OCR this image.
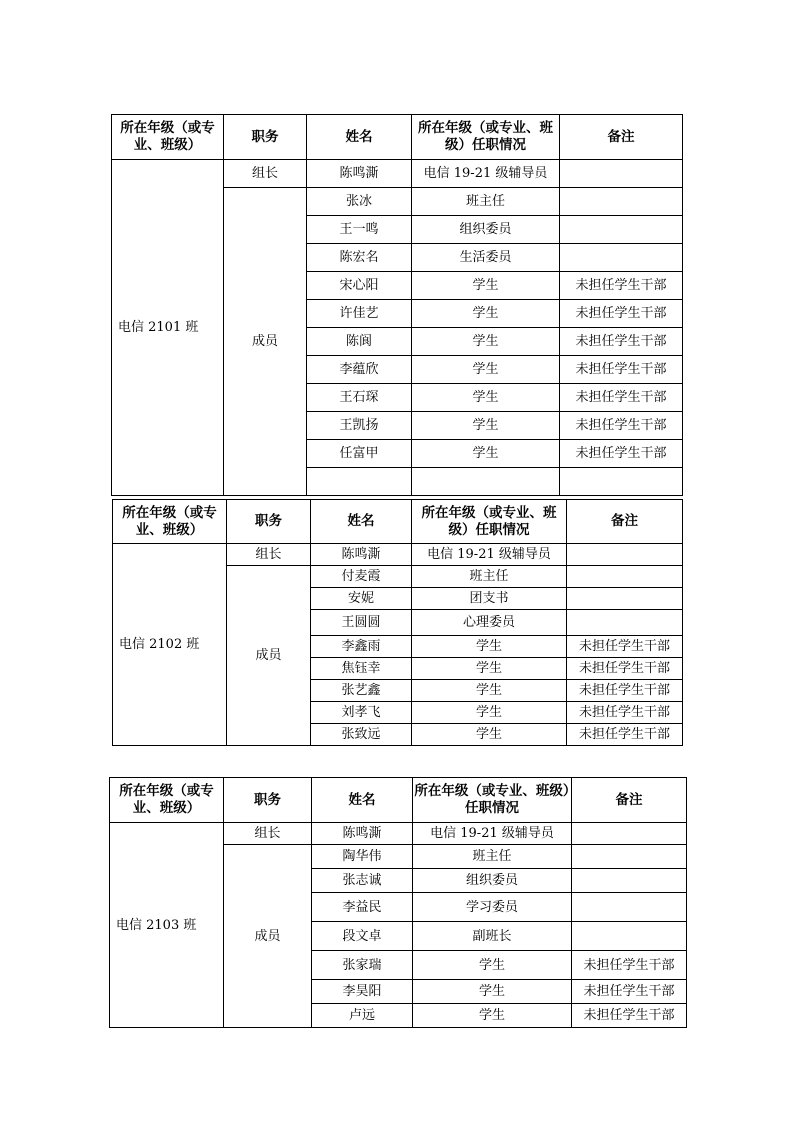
所在年级（或专业、班级）	职务	姓名	所在年级（或专业、班级）任职情况	备注
电信 2101 班	组长	陈鸣澌	电信 19-21 级辅导员	
	成员	张冰	班主任	
		王一鸣	组织委员	
		陈宏名	生活委员	
		宋心阳	学生	未担任学生干部
		许佳艺	学生	未担任学生干部
		陈阆	学生	未担任学生干部
		李蕴欣	学生	未担任学生干部
		王石琛	学生	未担任学生干部
		王凯扬	学生	未担任学生干部
		任富甲	学生	未担任学生干部

所在年级（或专业、班级）	职务	姓名	所在年级（或专业、班级）任职情况	备注
电信 2102 班	组长	陈鸣澌	电信 19-21 级辅导员	
	成员	付麦霞	班主任	
		安妮	团支书	
		王圆圆	心理委员	
		李鑫雨	学生	未担任学生干部
		焦钰幸	学生	未担任学生干部
		张艺鑫	学生	未担任学生干部
		刘孝飞	学生	未担任学生干部
		张致远	学生	未担任学生干部
所在年级（或专业、班级）	职务	姓名	所在年级（或专业、班级）任职情况	备注
电信 2103 班	组长	陈鸣澌	电信 19-21 级辅导员	
	成员	陶华伟	班主任	
		张志诚	组织委员	
		李益民	学习委员	
		段文卓	副班长	
		张家瑞	学生	未担任学生干部
		李昊阳	学生	未担任学生干部
		卢远	学生	未担任学生干部
